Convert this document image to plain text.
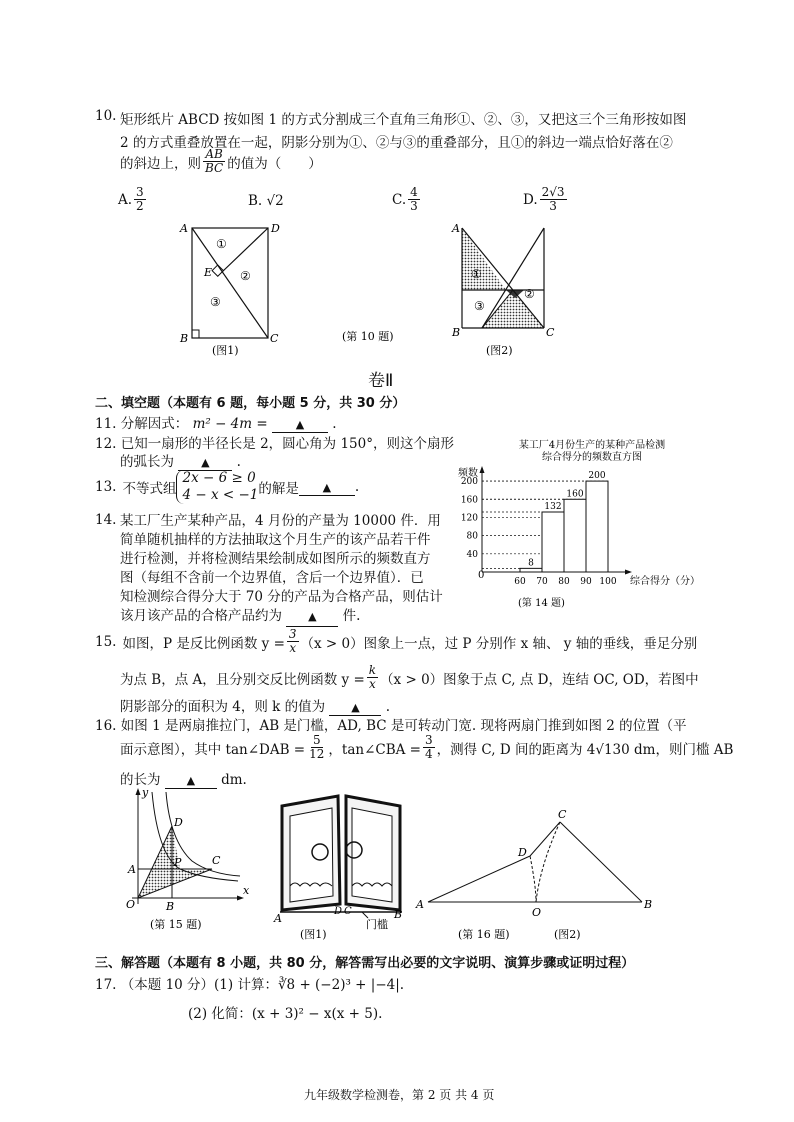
10. 矩形纸片 ABCD 按如图 1 的方式分割成三个直角三角形①、②、③，又把这三个三角形按如图
2 的方式重叠放置在一起，阴影分别为①、②与③的重叠部分，且①的斜边一端点恰好落在②
的斜边上，则 $\frac{AB}{BC}$ 的值为（　　）
A. $\frac{3}{2}$	B. √2	C. $\frac{4}{3}$	D. $\frac{2√3}{3}$
A	D
B	C
E
①
②
③
(图1)
(第 10 题)
A
B	C
①
②
③
(图2)
卷Ⅱ
二、填空题（本题有 6 题，每小题 5 分，共 30 分）
11. 分解因式： m² − 4m =	▲ .
12. 已知一扇形的半径长是 2，圆心角为 150°，则这个扇形
的弧长为 ▲ .
13. 不等式组
2x − 6 ≥ 0
4 − x < −1 的解是	▲	.
14. 某工厂生产某种产品，4 月份的产量为 10000 件．用
简单随机抽样的方法抽取这个月生产的该产品若干件
进行检测，并将检测结果绘制成如图所示的频数直方
图（每组不含前一个边界值，含后一个边界值）．已
知检测综合得分大于 70 分的产品为合格产品，则估计
该月该产品的合格产品约为 ▲ 件.
某工厂4月份生产的某种产品检测
综合得分的频数直方图
频数
综合得分（分）
0
(第 14 题)
40
80
120
160
200
8
132
160
200
60 70 80 90 100
15. 如图，P 是反比例函数 $y = \frac{3}{x} (x > 0)$图象上一点，过 P 分别作 x 轴、 y 轴的垂线，垂足分别
为点 B，点 A，且分别交反比例函数 $y = \frac{k}{x} (x > 0)$图象于点 C, 点 D，连结 OC, OD，若图中
阴影部分的面积为 4，则 k 的值为 ▲ .
16. 如图 1 是两扇推拉门，AB 是门槛，AD, BC 是可转动门宽. 现将两扇门推到如图 2 的位置（平
面示意图），其中 tan∠DAB = $\frac{5}{12}$ ，tan∠CBA = $\frac{3}{4}$ ，测得 C, D 间的距离为 4√130 dm，则门槛 AB
的长为 ▲ dm.
y
x
O
A
B
C
D
P
(第 15 题)	A
D C	B
门槛
(图1)
A	B
C
D
O
(第 16 题)	(图2)
三、解答题（本题有 8 小题，共 80 分，解答需写出必要的文字说明、演算步骤或证明过程）
17. （本题 10 分）(1) 计算：∛8 + (−2)³ + |−4|.
(2) 化简：(x + 3)² − x(x + 5).
九年级数学检测卷，第 2 页 共 4 页
